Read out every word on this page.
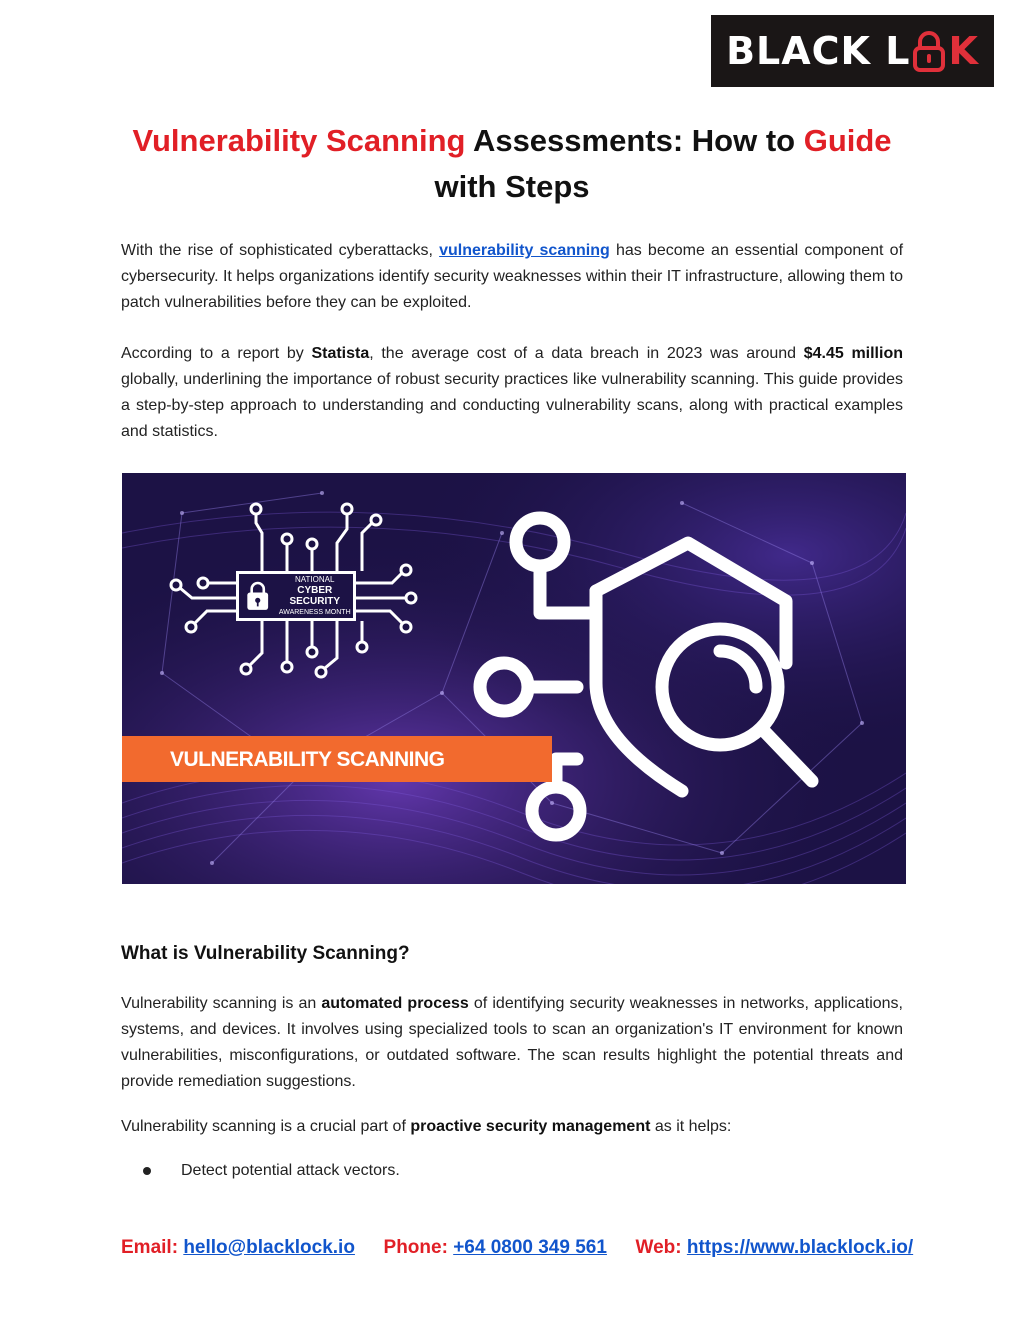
BLACK L K
Vulnerability Scanning Assessments: How to Guide
with Steps
With the rise of sophisticated cyberattacks, vulnerability scanning has become an essential component of cybersecurity. It helps organizations identify security weaknesses within their IT infrastructure, allowing them to patch vulnerabilities before they can be exploited.
According to a report by Statista, the average cost of a data breach in 2023 was around $4.45 million globally, underlining the importance of robust security practices like vulnerability scanning. This guide provides a step-by-step approach to understanding and conducting vulnerability scans, along with practical examples and statistics.
NATIONAL
CYBER SECURITY
AWARENESS MONTH
VULNERABILITY SCANNING
What is Vulnerability Scanning?
Vulnerability scanning is an automated process of identifying security weaknesses in networks, applications, systems, and devices. It involves using specialized tools to scan an organization's IT environment for known vulnerabilities, misconfigurations, or outdated software. The scan results highlight the potential threats and provide remediation suggestions.
Vulnerability scanning is a crucial part of proactive security management as it helps:
Detect potential attack vectors.
Email: hello@blacklock.io Phone: +64 0800 349 561 Web: https://www.blacklock.io/
